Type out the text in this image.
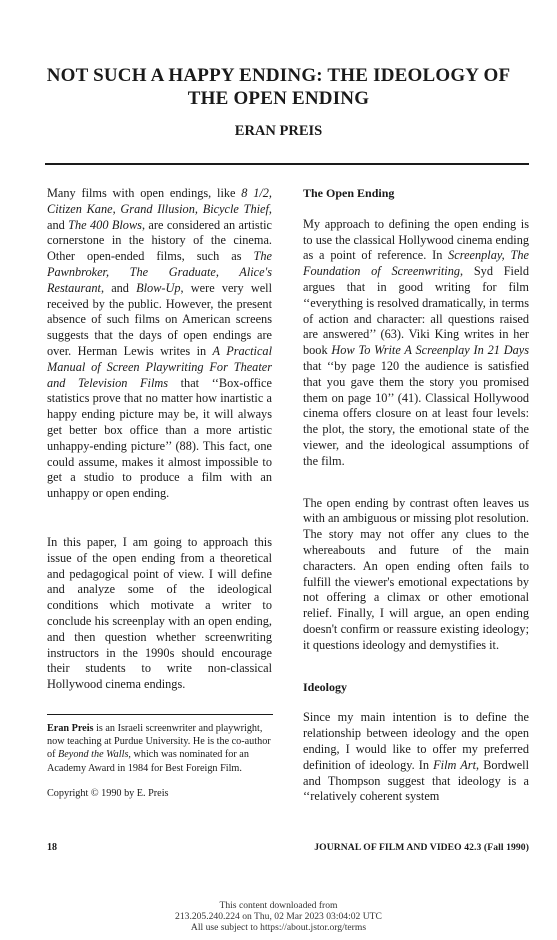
NOT SUCH A HAPPY ENDING: THE IDEOLOGY OF THE OPEN ENDING
ERAN PREIS

Many films with open endings, like 8 1/2, Citizen Kane, Grand Illusion, Bicycle Thief, and The 400 Blows, are considered an artistic cornerstone in the history of the cinema. Other open-ended films, such as The Pawnbroker, The Graduate, Alice's Restaurant, and Blow-Up, were very well received by the public. However, the present absence of such films on American screens suggests that the days of open endings are over. Herman Lewis writes in A Practical Manual of Screen Playwriting For Theater and Television Films that ‘‘Box-office statistics prove that no matter how inartistic a happy ending picture may be, it will always get better box office than a more artistic unhappy-ending picture’’ (88). This fact, one could assume, makes it almost impossible to get a studio to produce a film with an unhappy or open ending.

In this paper, I am going to approach this issue of the open ending from a theoretical and pedagogical point of view. I will define and analyze some of the ideological conditions which motivate a writer to conclude his screenplay with an open ending, and then question whether screenwriting instructors in the 1990s should encourage their students to write non-classical Hollywood cinema endings.

Eran Preis is an Israeli screenwriter and playwright, now teaching at Purdue University. He is the co-author of Beyond the Walls, which was nominated for an Academy Award in 1984 for Best Foreign Film.

Copyright © 1990 by E. Preis

The Open Ending

My approach to defining the open ending is to use the classical Hollywood cinema ending as a point of reference. In Screenplay, The Foundation of Screenwriting, Syd Field argues that in good writing for film ‘‘everything is resolved dramatically, in terms of action and character: all questions raised are answered’’ (63). Viki King writes in her book How To Write A Screenplay In 21 Days that ‘‘by page 120 the audience is satisfied that you gave them the story you promised them on page 10’’ (41). Classical Hollywood cinema offers closure on at least four levels: the plot, the story, the emotional state of the viewer, and the ideological assumptions of the film.

The open ending by contrast often leaves us with an ambiguous or missing plot resolution. The story may not offer any clues to the whereabouts and future of the main characters. An open ending often fails to fulfill the viewer's emotional expectations by not offering a climax or other emotional relief. Finally, I will argue, an open ending doesn't confirm or reassure existing ideology; it questions ideology and demystifies it.

Ideology

Since my main intention is to define the relationship between ideology and the open ending, I would like to offer my preferred definition of ideology. In Film Art, Bordwell and Thompson suggest that ideology is a ‘‘relatively coherent system

18	JOURNAL OF FILM AND VIDEO 42.3 (Fall 1990)
This content downloaded from
213.205.240.224 on Thu, 02 Mar 2023 03:04:02 UTC
All use subject to https://about.jstor.org/terms
